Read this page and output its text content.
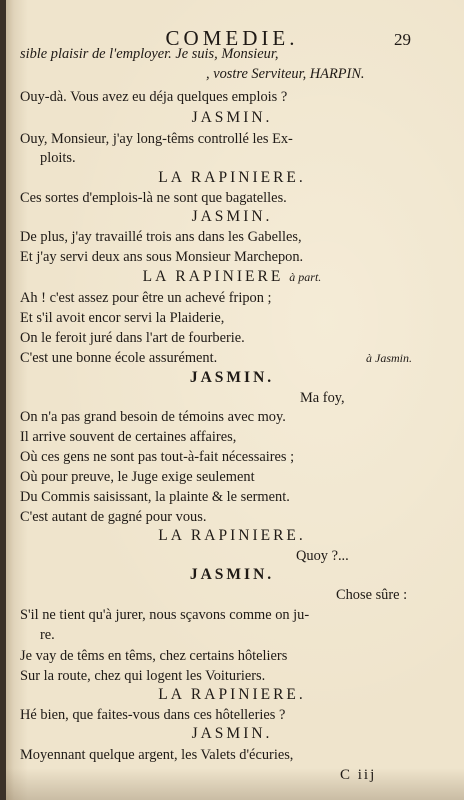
COMEDIE.	29
sible plaisir de l'employer. Je suis, Monsieur,
, vostre Serviteur, HARPIN.
Ouy-dà. Vous avez eu déja quelques emplois ?
JASMIN.
Ouy, Monsieur, j'ay long-têms controllé les Ex-
ploits.
LA RAPINIERE.
Ces sortes d'emplois-là ne sont que bagatelles.
JASMIN.
De plus, j'ay travaillé trois ans dans les Gabelles,
Et j'ay servi deux ans sous Monsieur Marchepon.
LA RAPINIERE à part.
Ah ! c'est assez pour être un achevé fripon ;
Et s'il avoit encor servi la Plaiderie,
On le feroit juré dans l'art de fourberie.
C'est une bonne école assurément.	à Jasmin.
JASMIN.
Ma foy,
On n'a pas grand besoin de témoins avec moy.
Il arrive souvent de certaines affaires,
Où ces gens ne sont pas tout-à-fait nécessaires ;
Où pour preuve, le Juge exige seulement
Du Commis saisissant, la plainte & le serment.
C'est autant de gagné pour vous.
LA RAPINIERE.
Quoy ?...
JASMIN.
Chose sûre :
S'il ne tient qu'à jurer, nous sçavons comme on ju-
re.
Je vay de têms en têms, chez certains hôteliers
Sur la route, chez qui logent les Voituriers.
LA RAPINIERE.
Hé bien, que faites-vous dans ces hôtelleries ?
JASMIN.
Moyennant quelque argent, les Valets d'écuries,
C iij
